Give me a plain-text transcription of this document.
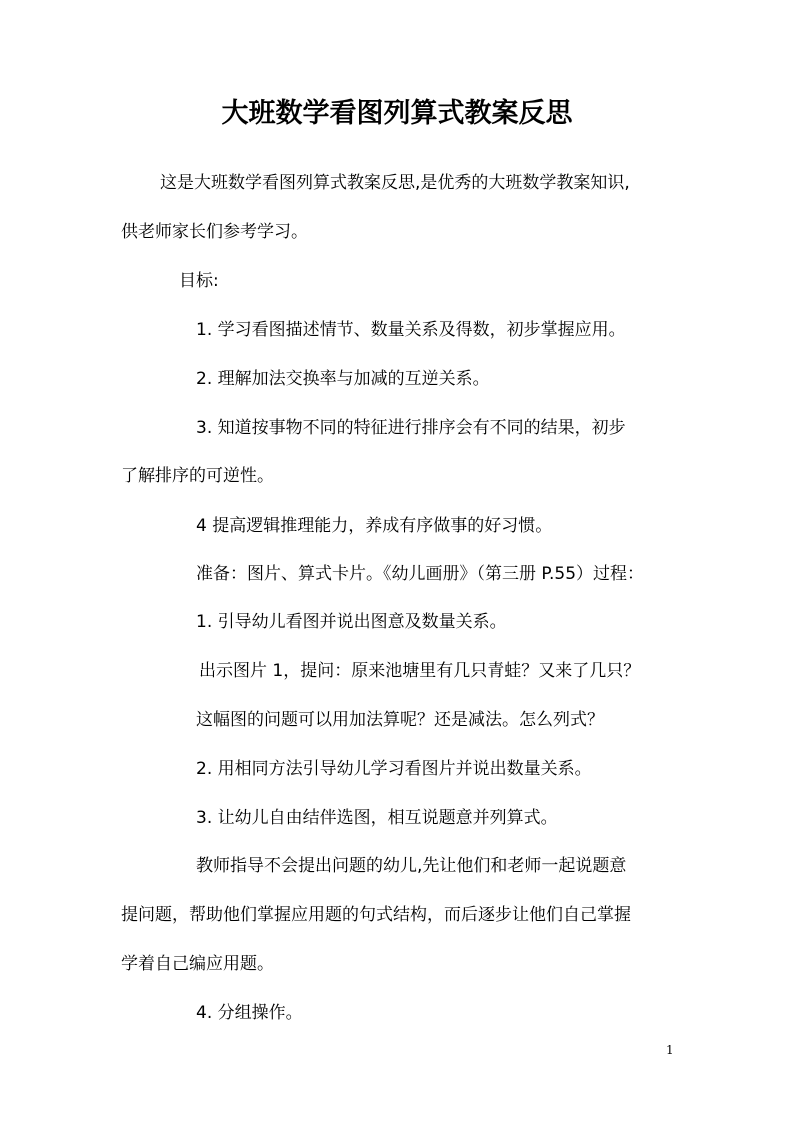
大班数学看图列算式教案反思
这是大班数学看图列算式教案反思,是优秀的大班数学教案知识,
供老师家长们参考学习。
目标:
1. 学习看图描述情节、数量关系及得数，初步掌握应用。
2. 理解加法交换率与加减的互逆关系。
3. 知道按事物不同的特征进行排序会有不同的结果，初步
了解排序的可逆性。
4 提高逻辑推理能力，养成有序做事的好习惯。
准备：图片、算式卡片。《幼儿画册》（第三册 P.55）过程：
1. 引导幼儿看图并说出图意及数量关系。
出示图片 1，提问：原来池塘里有几只青蛙？又来了几只？
这幅图的问题可以用加法算呢？还是减法。怎么列式？
2. 用相同方法引导幼儿学习看图片并说出数量关系。
3. 让幼儿自由结伴选图，相互说题意并列算式。
教师指导不会提出问题的幼儿,先让他们和老师一起说题意
提问题，帮助他们掌握应用题的句式结构，而后逐步让他们自己掌握
学着自己编应用题。
4. 分组操作。
1
